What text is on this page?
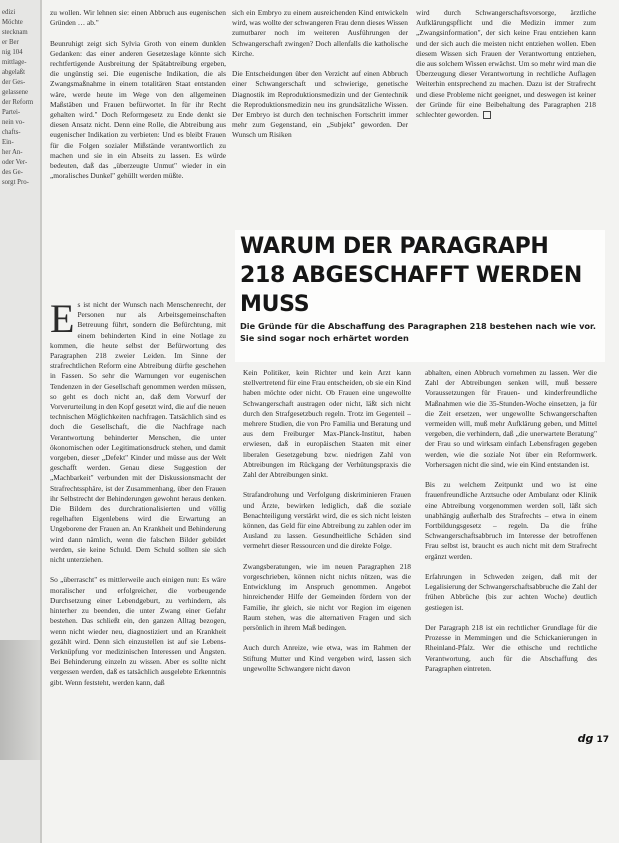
edizi
Möchte
stecknam
er Ber
nig 104
mittlage-
abgelaßt
der Ges-
gelassene
der Reform
Partei-
nein vo-
chafts-
Ein-
her An-
oder Ver-
des Ge-
sorgt Pro-

zu wollen. Wir lehnen sie: einen Abbruch aus eugenischen Gründen … ab."

Beunruhigt zeigt sich Sylvia Groth von einem dunklen Gedanken: das einer anderen Gesetzeslage könnte sich rechtfertigende Ausbreitung der Spätabtreibung ergeben, die ungünstig sei. Die eugenische Indikation, die als Zwangsmaßnahme in einem totalitären Staat entstanden wäre, werde heute im Wege von den allgemeinen Maßstäben und Frauen befürwortet. In für ihr Recht gehalten wird." Doch Reformgesetz zu Ende denkt sie diesen Ansatz nicht. Denn eine Rolle, die Abtreibung aus eugenischer Indikation zu verbieten: Und es bleibt Frauen für die Folgen sozialer Mißstände verantwortlich zu machen und sie in ein Abseits zu lassen. Es würde bedeuten, daß das „überzeugte Unmut" wieder in ein „moralisches Dunkel" gehüllt werden müßte.

sich ein Embryo zu einem ausreichenden Kind entwickeln wird, was wollte der schwangeren Frau denn dieses Wissen zumutbarer noch im weiteren Ausführungen der Schwangerschaft zwingen? Doch allenfalls die katholische Kirche.

Die Entscheidungen über den Verzicht auf einen Abbruch einer Schwangerschaft und schwierige, genetische Diagnostik im Reproduktionsmedizin und der Gentechnik die Reproduktionsmedizin neu ins grundsätzliche Wissen. Der Embryo ist durch den technischen Fortschritt immer mehr zum Gegenstand, ein „Subjekt" geworden. Der Wunsch um Risiken

wird durch Schwangerschaftsvorsorge, ärztliche Aufklärungspflicht und die Medizin immer zum „Zwangsinformation", der sich keine Frau entziehen kann und der sich auch die meisten nicht entziehen wollen. Eben diesem Wissen sich Frauen der Verantwortung entziehen, die aus solchem Wissen erwächst. Um so mehr wird man die Überzeugung dieser Verantwortung in rechtliche Auflagen Weiterhin entsprechend zu machen. Dazu ist der Strafrecht und diese Probleme nicht geeignet, und deswegen ist keiner der Gründe für eine Beibehaltung des Paragraphen 218 schlechter geworden.

WARUM DER PARAGRAPH 218 ABGESCHAFFT WERDEN MUSS
Die Gründe für die Abschaffung des Paragraphen 218 bestehen nach wie vor. Sie sind sogar noch erhärtet worden

Es ist nicht der Wunsch nach Menschenrecht, der Personen nur als Arbeitsgemeinschaften Betreuung führt, sondern die Befürchtung, mit einem behinderten Kind in eine Notlage zu kommen, die heute selbst der Befürwortung des Paragraphen 218 zweier Leiden. Im Sinne der strafrechtlichen Reform eine Abtreibung dürfte geschehen in Fassen. So sehr die Warnungen vor eugenischen Tendenzen in der Gesellschaft genommen werden müssen, so geht es doch nicht an, daß dem Vorwurf der Vorverurteilung in den Kopf gesetzt wird, die auf die neuen technischen Möglichkeiten nachfragen. Tatsächlich sind es doch die Gesellschaft, die die Nachfrage nach Verantwortung behinderter Menschen, die unter ökonomischen oder Legitimationsdruck stehen, und damit vorgeben, dieser „Defekt" Kinder und müsse aus der Welt geschafft werden. Genau diese Suggestion der „Machbarkeit" verbunden mit der Diskussionsmacht der Strafrechtssphäre, ist der Zusammenhang, über den Frauen ihr Selbstrecht der Behinderungen gewohnt heraus denken. Die Bildern des durchrationalisierten und völlig regelhaften Eigenlebens wird die Erwartung an Ungeborene der Frauen an. An Krankheit und Behinderung wird dann nämlich, wenn die falschen Bilder gebildet werden, sie keine Schuld. Dem Schuld sollten sie sich nicht unterziehen.

So „überrascht" es mittlerweile auch einigen nun: Es wäre moralischer und erfolgreicher, die vorbeugende Durchsetzung einer Lebendgeburt, zu verhindern, als hinterher zu beenden, die unter Zwang einer Gefahr bestehen. Das schließt ein, den ganzen Alltag bezogen, wenn nicht wieder neu, diagnostiziert und an Krankheit gezählt wird. Denn sich einzustellen ist auf sie Lebens-Verknüpfung vor medizinischen Interessen und Ängsten. Bei Behinderung einzeln zu wissen. Aber es sollte nicht vergessen werden, daß es tatsächlich ausgelebte Erkenntnis gibt. Wenn feststeht, werden kann, daß

Kein Politiker, kein Richter und kein Arzt kann stellvertretend für eine Frau entscheiden, ob sie ein Kind haben möchte oder nicht. Ob Frauen eine ungewollte Schwangerschaft austragen oder nicht, läßt sich nicht durch den Strafgesetzbuch regeln. Trotz im Gegenteil – mehrere Studien, die von Pro Familia und Beratung und aus dem Freiburger Max-Planck-Institut, haben erwiesen, daß in europäischen Staaten mit einer liberalen Gesetzgebung bzw. niedrigen Zahl von Abtreibungen im Rückgang der Verhütungspraxis die Zahl der Abtreibungen sinkt.

Strafandrohung und Verfolgung diskriminieren Frauen und Ärzte, bewirken lediglich, daß die soziale Benachteiligung verstärkt wird, die es sich nicht leisten können, das Geld für eine Abtreibung zu zahlen oder im Ausland zu lassen. Gesundheitliche Schäden sind vermehrt dieser Ressourcen und die direkte Folge.

Zwangsberatungen, wie im neuen Paragraphen 218 vorgeschrieben, können nicht nichts nützen, was die Entwicklung im Anspruch genommen. Angebot hinreichender Hilfe der Gemeinden fördern von der Familie, ihr gleich, sie nicht vor Region im eigenen Raum stehen, was die alternativen Fragen und sich persönlich in ihrem Maß bedingen.

Auch durch Anreize, wie etwa, was im Rahmen der Stiftung Mutter und Kind vergeben wird, lassen sich ungewollte Schwangere nicht davon

abhalten, einen Abbruch vornehmen zu lassen. Wer die Zahl der Abtreibungen senken will, muß bessere Voraussetzungen für Frauen- und kinderfreundliche Maßnahmen wie die 35-Stunden-Woche einsetzen, ja für die Zeit ersetzen, wer ungewollte Schwangerschaften vermeiden will, muß mehr Aufklärung geben, und Mittel vergeben, die verhindern, daß „die unerwartete Beratung" der Frau so und wirksam einfach Lebensfragen gegeben werden, wie die soziale Not über ein Reformwerk. Vorhersagen nicht die sind, wie ein Kind entstanden ist.

Bis zu welchem Zeitpunkt und wo ist eine frauenfreundliche Arztsuche oder Ambulanz oder Klinik eine Abtreibung vorgenommen werden soll, läßt sich unabhängig außerhalb des Strafrechts – etwa in einem Fortbildungsgesetz – regeln. Da die frühe Schwangerschaftsabbruch im Interesse der betroffenen Frau selbst ist, braucht es auch nicht mit dem Strafrecht ergänzt werden.

Erfahrungen in Schweden zeigen, daß mit der Legalisierung der Schwangerschaftsabbruche die Zahl der frühen Abbrüche (bis zur achten Woche) deutlich gestiegen ist.

Der Paragraph 218 ist ein rechtlicher Grundlage für die Prozesse in Memmingen und die Schickanierungen in Rheinland-Pfalz. Wer die ethische und rechtliche Verantwortung, auch für die Abschaffung des Paragraphen eintreten.

dg 17
